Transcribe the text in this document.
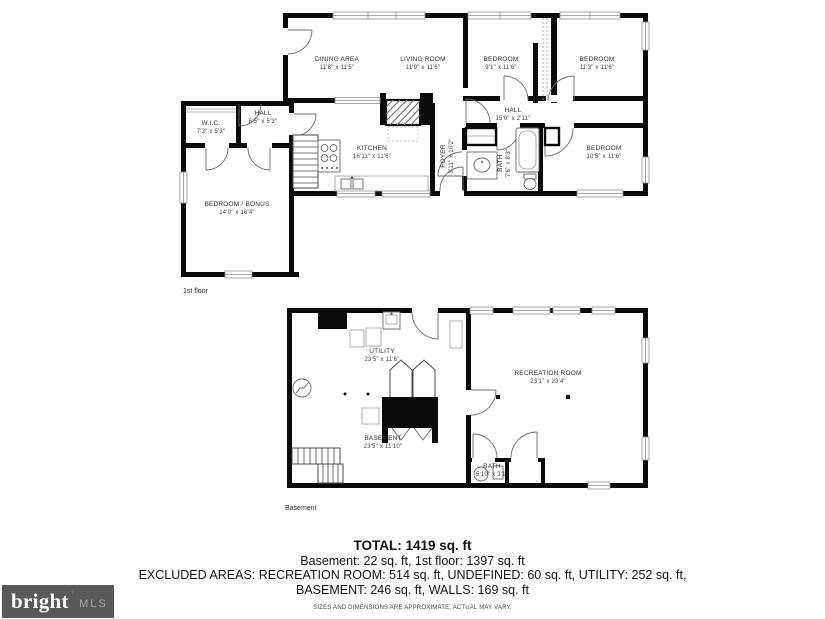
DINING AREA
11'8" x 11'5"
LIVING ROOM
11'9" x 11'6"
BEDROOM
9'1" x 11'6"
BEDROOM
11'3" x 11'6"
HALL
15'0" x 2'11"
W.I.C.
7'3" x 5'3"
HALL
6'5" x 5'3"
KITCHEN
16'11" x 11'6"	FOYER 3'11" x 10'2"	BATH 7'6" x 8'3"
BEDROOM
10'5" x 11'6"
BEDROOM / BONUS
14'0" x 16'4"
1st floor
UTILITY
23'5" x 11'6"
RECREATION ROOM
23'1" x 23'4"
BASEMENT
23'5" x 11'10"
BATH
5'10" x 3'1"
Basement
TOTAL: 1419 sq. ft
Basement: 22 sq. ft, 1st floor: 1397 sq. ft
EXCLUDED AREAS: RECREATION ROOM: 514 sq. ft, UNDEFINED: 60 sq. ft, UTILITY: 252 sq. ft,
BASEMENT: 246 sq. ft, WALLS: 169 sq. ft
SIZES AND DIMENSIONS ARE APPROXIMATE, ACTUAL MAY VARY.
bright +
MLS
